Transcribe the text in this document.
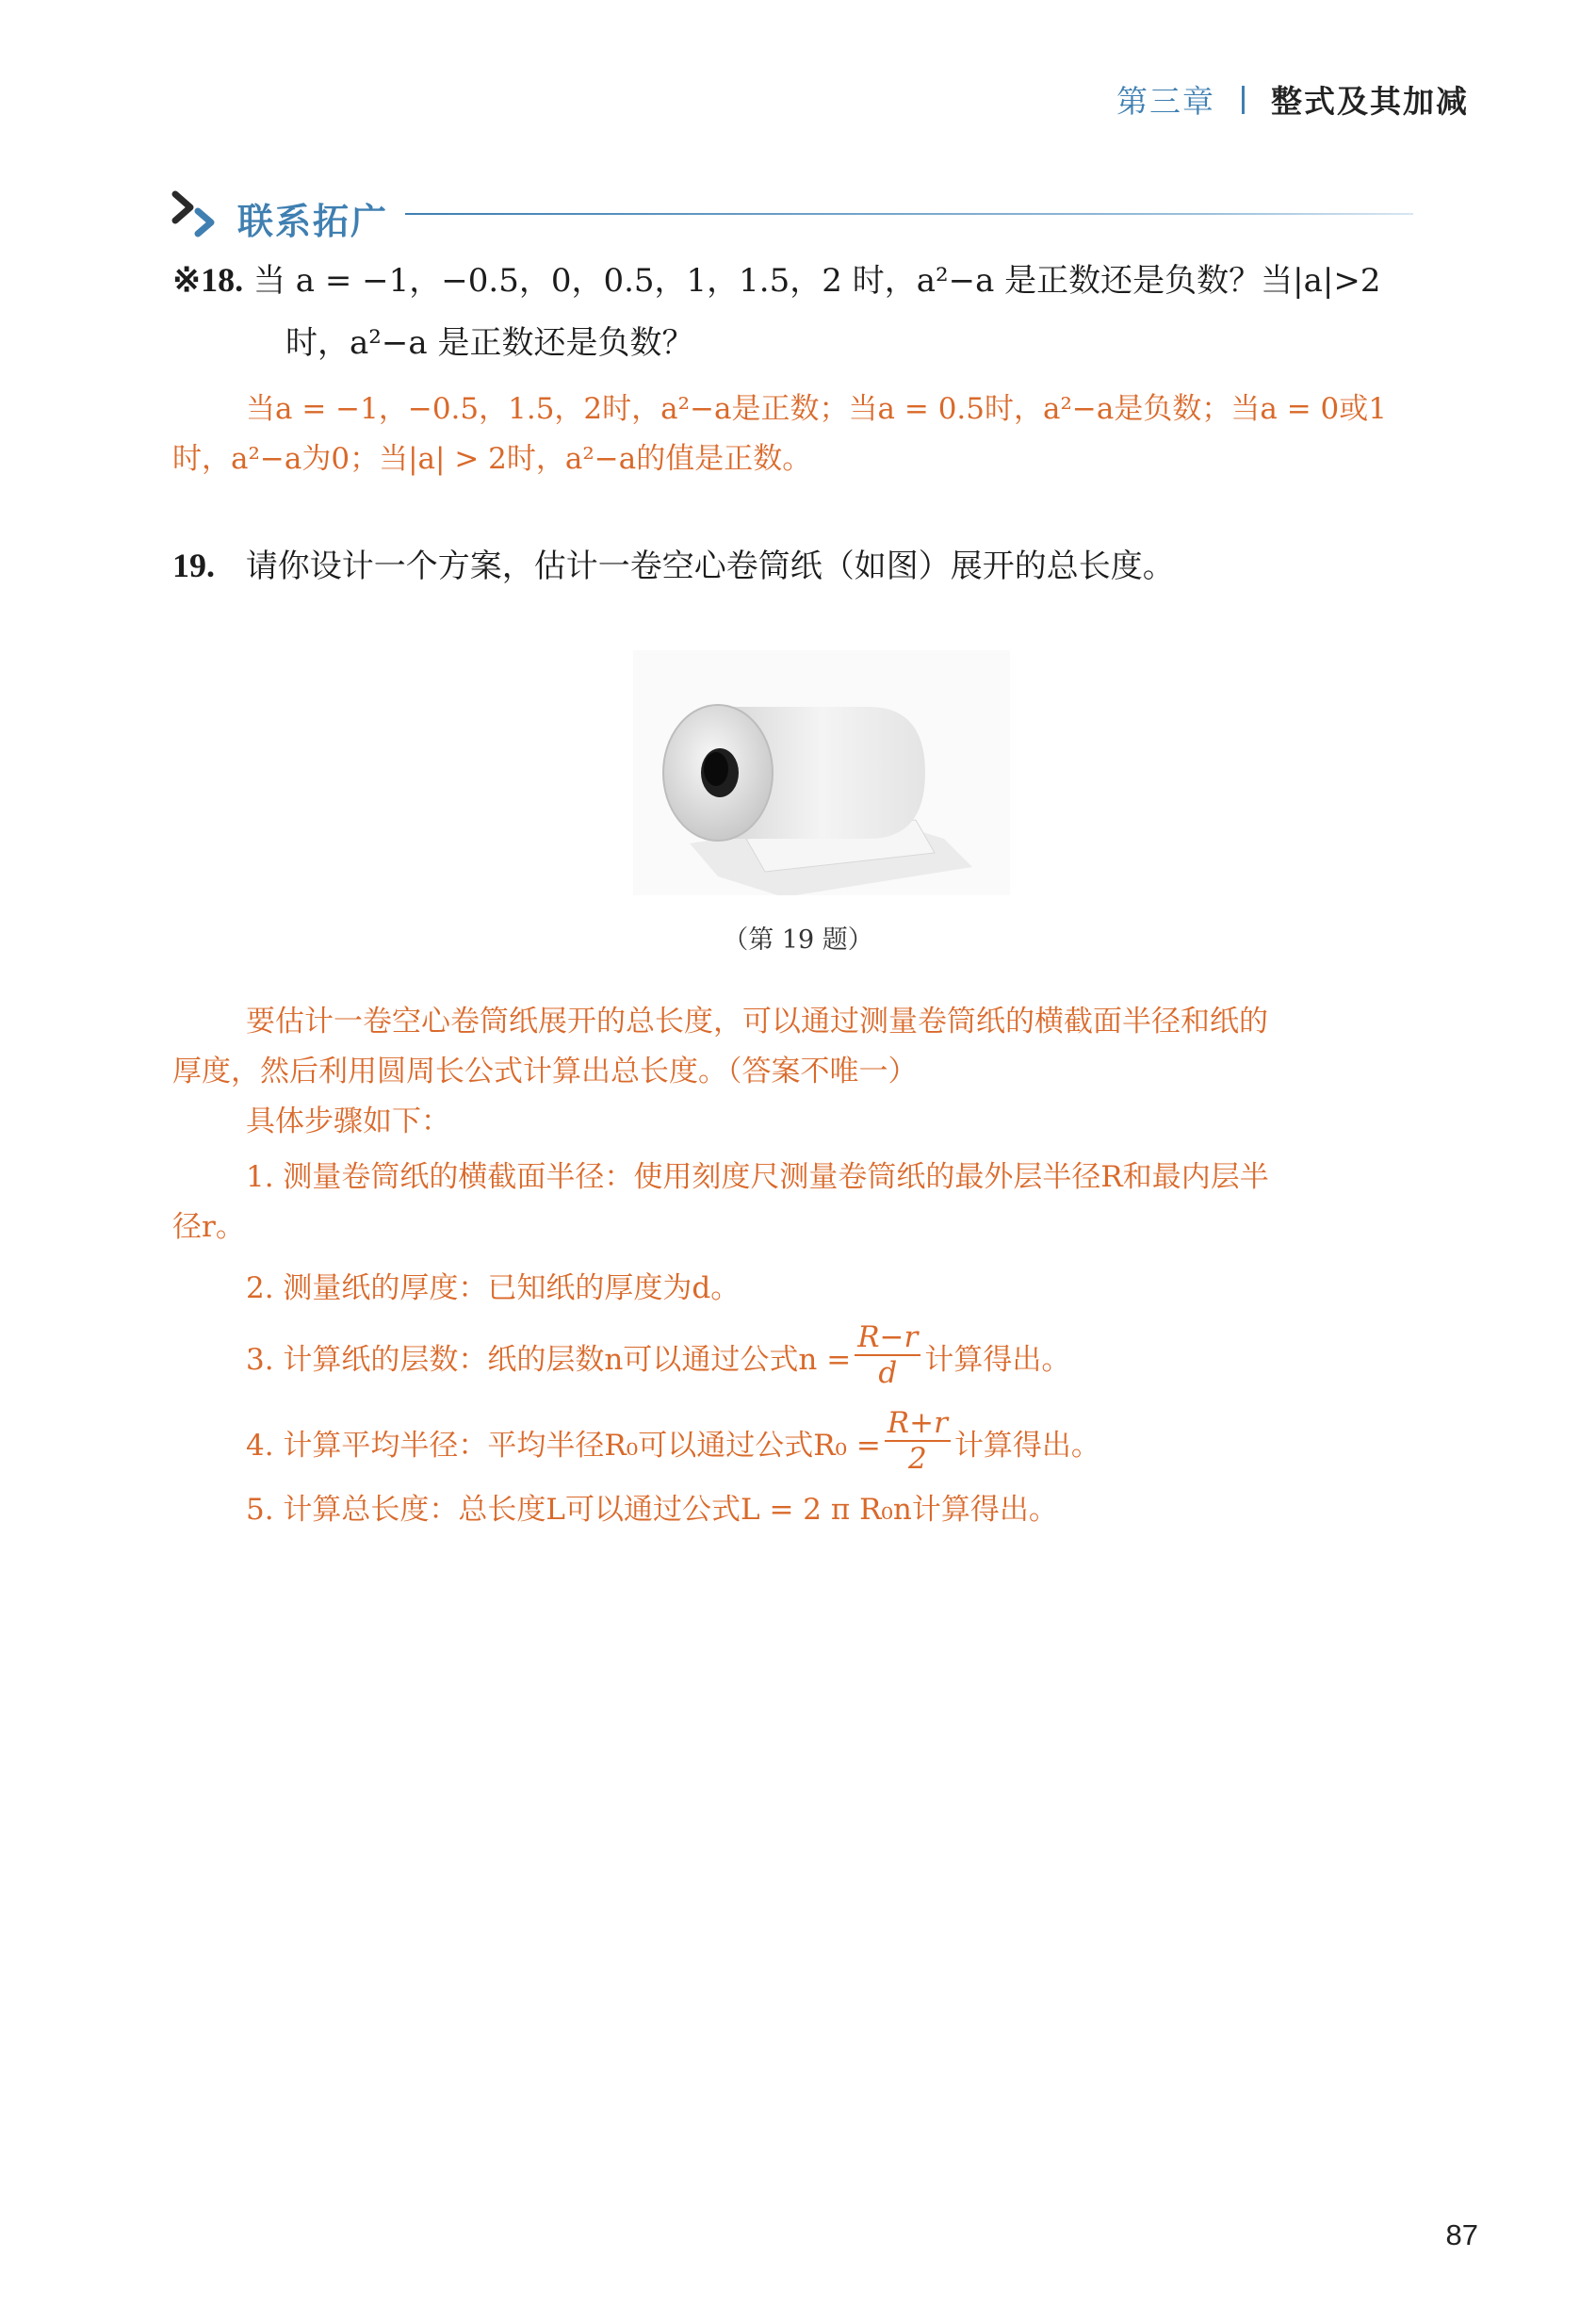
第三章 整式及其加减
联系拓广
※18. 当 a = −1，−0.5，0，0.5，1，1.5，2 时，a²−a 是正数还是负数？当|a|>2
时，a²−a 是正数还是负数？
当a = −1，−0.5，1.5，2时，a²−a是正数；当a = 0.5时，a²−a是负数；当a = 0或1
时，a²−a为0；当|a| > 2时，a²−a的值是正数。
19. 请你设计一个方案，估计一卷空心卷筒纸（如图）展开的总长度。
（第 19 题）
要估计一卷空心卷筒纸展开的总长度，可以通过测量卷筒纸的横截面半径和纸的
厚度，然后利用圆周长公式计算出总长度。（答案不唯一）
具体步骤如下：
1. 测量卷筒纸的横截面半径：使用刻度尺测量卷筒纸的最外层半径R和最内层半
径r。
2. 测量纸的厚度：已知纸的厚度为d。
3. 计算纸的层数：纸的层数n可以通过公式$n = \frac{R-r}{d}$ 计算得出。
4. 计算平均半径：平均半径R₀可以通过公式$R_0 = \frac{R+r}{2}$ 计算得出。
5. 计算总长度：总长度L可以通过公式L = 2 π R₀n计算得出。
87
